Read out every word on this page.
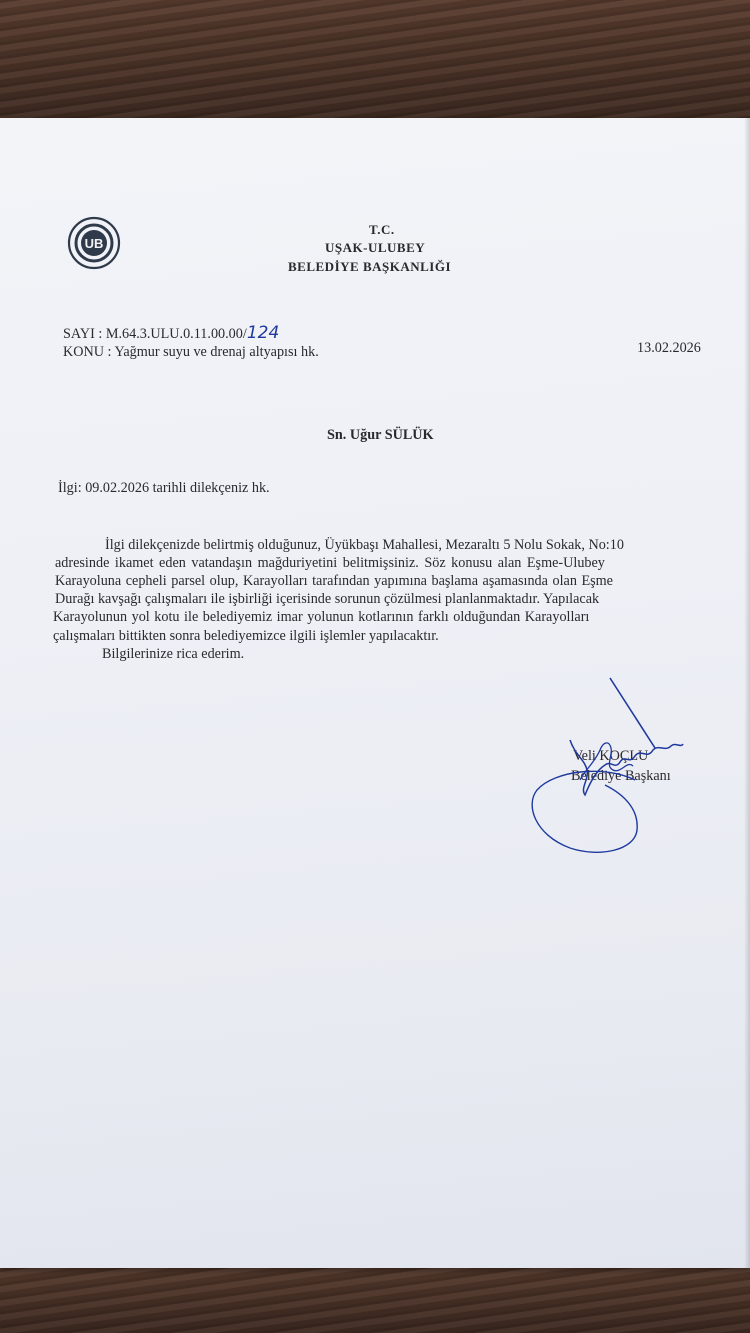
UB
T.C.
UŞAK-ULUBEY
BELEDİYE BAŞKANLIĞI
SAYI : M.64.3.ULU.0.11.00.00/124
KONU : Yağmur suyu ve drenaj altyapısı hk.	13.02.2026
Sn. Uğur SÜLÜK
İlgi: 09.02.2026 tarihli dilekçeniz hk.
İlgi dilekçenizde belirtmiş olduğunuz, Üyükbaşı Mahallesi, Mezaraltı 5 Nolu Sokak, No:10
adresinde ikamet eden vatandaşın mağduriyetini belitmişsiniz. Söz konusu alan Eşme-Ulubey
Karayoluna cepheli parsel olup, Karayolları tarafından yapımına başlama aşamasında olan Eşme
Durağı kavşağı çalışmaları ile işbirliği içerisinde sorunun çözülmesi planlanmaktadır. Yapılacak
Karayolunun yol kotu ile belediyemiz imar yolunun kotlarının farklı olduğundan Karayolları
çalışmaları bittikten sonra belediyemizce ilgili işlemler yapılacaktır.
Bilgilerinize rica ederim.
Veli KOÇLU
Belediye Başkanı
